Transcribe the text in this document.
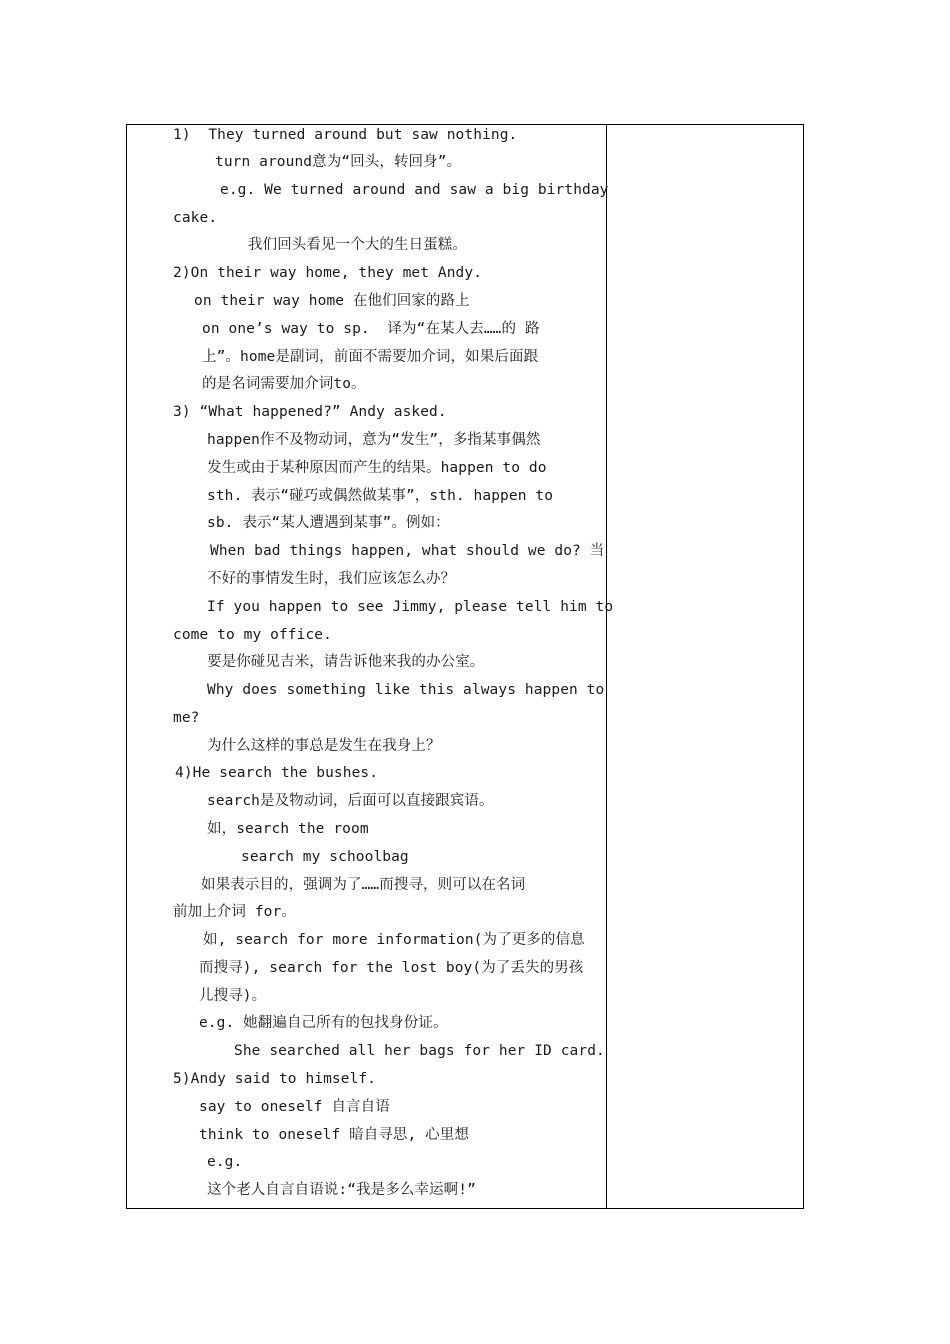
1)  They turned around but saw nothing.
turn around意为“回头，转回身”。
e.g. We turned around and saw a big birthday
cake.
我们回头看见一个大的生日蛋糕。
2)On their way home, they met Andy.
on their way home 在他们回家的路上
on one’s way to sp.  译为“在某人去……的 路
上”。home是副词，前面不需要加介词，如果后面跟
的是名词需要加介词to。
3) “What happened?” Andy asked.
happen作不及物动词，意为“发生”，多指某事偶然
发生或由于某种原因而产生的结果。happen to do
sth. 表示“碰巧或偶然做某事”，sth. happen to
sb. 表示“某人遭遇到某事”。例如：
When bad things happen, what should we do? 当
不好的事情发生时，我们应该怎么办？
If you happen to see Jimmy, please tell him to
come to my office.
要是你碰见吉米，请告诉他来我的办公室。
Why does something like this always happen to
me?
为什么这样的事总是发生在我身上？
4)He search the bushes.
search是及物动词，后面可以直接跟宾语。
如，search the room
search my schoolbag
如果表示目的，强调为了……而搜寻，则可以在名词
前加上介词 for。
如, search for more information(为了更多的信息
而搜寻), search for the lost boy(为了丢失的男孩
儿搜寻)。
e.g. 她翻遍自己所有的包找身份证。
She searched all her bags for her ID card.
5)Andy said to himself.
say to oneself 自言自语
think to oneself 暗自寻思, 心里想
e.g.
这个老人自言自语说:“我是多么幸运啊!”
